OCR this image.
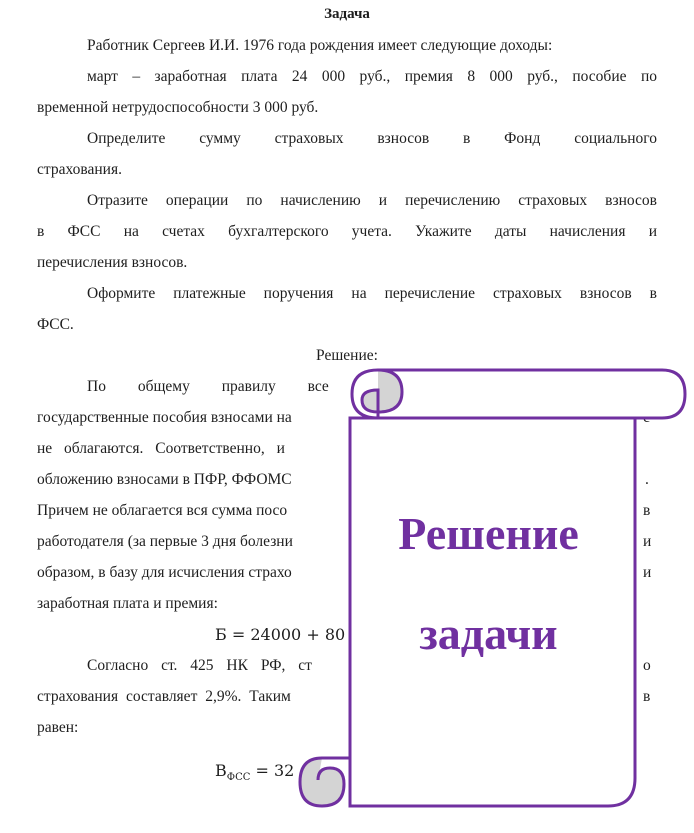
Задача
Работник Сергеев И.И. 1976 года рождения имеет следующие доходы:
март – заработная плата 24 000 руб., премия 8 000 руб., пособие по
временной нетрудоспособности 3 000 руб.
Определите сумму страховых взносов в Фонд социального
страхования.
Отразите операции по начислению и перечислению страховых взносов
в ФСС на счетах бухгалтерского учета. Укажите даты начисления и
перечисления взносов.
Оформите платежные поручения на перечисление страховых взносов в
ФСС.
Решение:
По общему правилу все
государственные пособия взносами на
не облагаются. Соответственно, и
обложению взносами в ПФР, ФФОМС
Причем не облагается вся сумма посо
работодателя (за первые 3 дня болезни
образом, в базу для исчисления страхо
заработная плата и премия:
Б = 24000 + 80
Согласно ст. 425 НК РФ, ст
страхования составляет 2,9%. Таким
равен:
$В_{ФСС} = 32$
.
в
и
и
о
в
Решение
задачи
